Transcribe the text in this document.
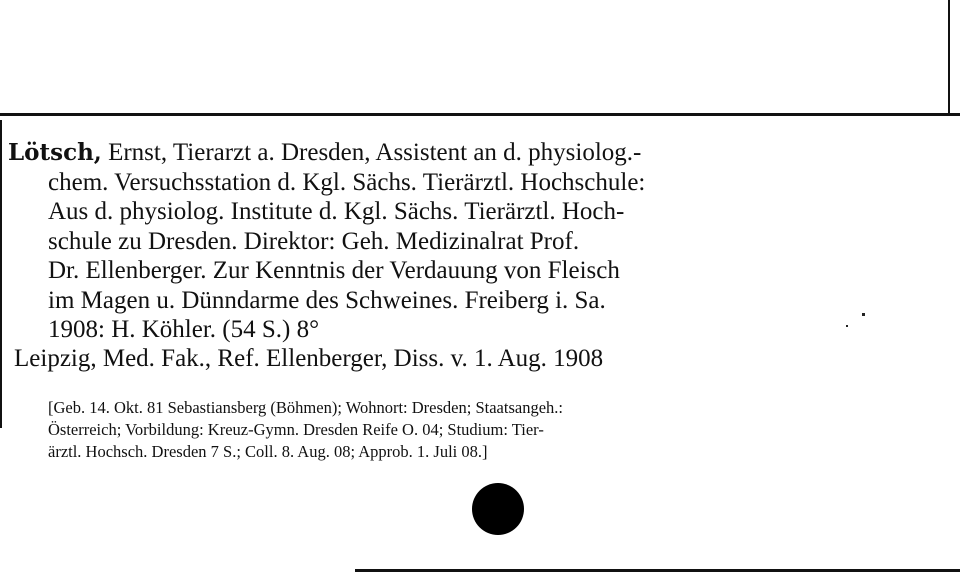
Lötsch, Ernst, Tierarzt a. Dresden, Assistent an d. physiolog.-
chem. Versuchsstation d. Kgl. Sächs. Tierärztl. Hochschule:
Aus d. physiolog. Institute d. Kgl. Sächs. Tierärztl. Hoch-
schule zu Dresden. Direktor: Geh. Medizinalrat Prof.
Dr. Ellenberger. Zur Kenntnis der Verdauung von Fleisch
im Magen u. Dünndarme des Schweines. Freiberg i. Sa.
1908: H. Köhler. (54 S.) 8°
Leipzig, Med. Fak., Ref. Ellenberger, Diss. v. 1. Aug. 1908
[Geb. 14. Okt. 81 Sebastiansberg (Böhmen); Wohnort: Dresden; Staatsangeh.:
Österreich; Vorbildung: Kreuz-Gymn. Dresden Reife O. 04; Studium: Tier-
ärztl. Hochsch. Dresden 7 S.; Coll. 8. Aug. 08; Approb. 1. Juli 08.]
